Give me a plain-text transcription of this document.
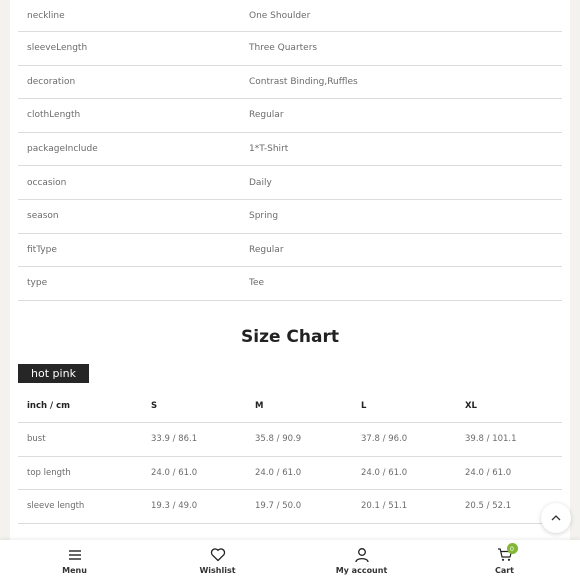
neckline	One Shoulder
sleeveLength	Three Quarters
decoration	Contrast Binding,Ruffles
clothLength	Regular
packageInclude	1*T-Shirt
occasion	Daily
season	Spring
fitType	Regular
type	Tee
Size Chart
hot pink
inch / cm	S	M	L	XL
bust	33.9 / 86.1	35.8 / 90.9	37.8 / 96.0	39.8 / 101.1
top length	24.0 / 61.0	24.0 / 61.0	24.0 / 61.0	24.0 / 61.0
sleeve length	19.3 / 49.0	19.7 / 50.0	20.1 / 51.1	20.5 / 52.1
Menu	Wishlist	My account
0
Cart
